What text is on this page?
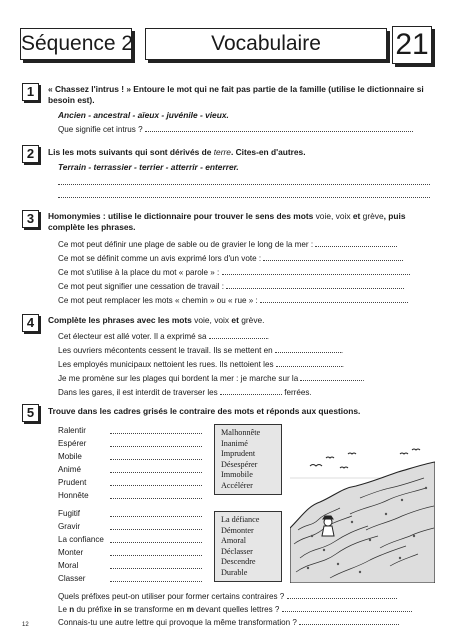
Séquence 2	Vocabulaire	21
1	« Chassez l'intrus ! » Entoure le mot qui ne fait pas partie de la famille (utilise le dictionnaire si besoin est).
Ancien - ancestral - aïeux - juvénile - vieux.
Que signifie cet intrus ?
2	Lis les mots suivants qui sont dérivés de terre. Cites-en d'autres.
Terrain - terrassier - terrier - atterrir - enterrer.
3	Homonymies : utilise le dictionnaire pour trouver le sens des mots voie, voix et grève, puis complète les phrases.
Ce mot peut définir une plage de sable ou de gravier le long de la mer :
Ce mot se définit comme un avis exprimé lors d'un vote :
Ce mot s'utilise à la place du mot « parole » :
Ce mot peut signifier une cessation de travail :
Ce mot peut remplacer les mots « chemin » ou « rue » :
4	Complète les phrases avec les mots voie, voix et grève.
Cet électeur est allé voter. Il a exprimé sa	.
Les ouvriers mécontents cessent le travail. Ils se mettent en	.
Les employés municipaux nettoient les rues. Ils nettoient les	.
Je me promène sur les plages qui bordent la mer : je marche sur la	.
Dans les gares, il est interdit de traverser les	ferrées.
5	Trouve dans les cadres grisés le contraire des mots et réponds aux questions.
Ralentir
Espérer
Mobile
Animé
Prudent
Honnête
Malhonnête
Inanimé
Imprudent
Désespérer
Immobile
Accélérer
Fugitif
Gravir
La confiance
Monter
Moral
Classer
La défiance
Démonter
Amoral
Déclasser
Descendre
Durable
Quels préfixes peut-on utiliser pour former certains contraires ?
Le n du préfixe in se transforme en m devant quelles lettres ?
Connais-tu une autre lettre qui provoque la même transformation ?
12
